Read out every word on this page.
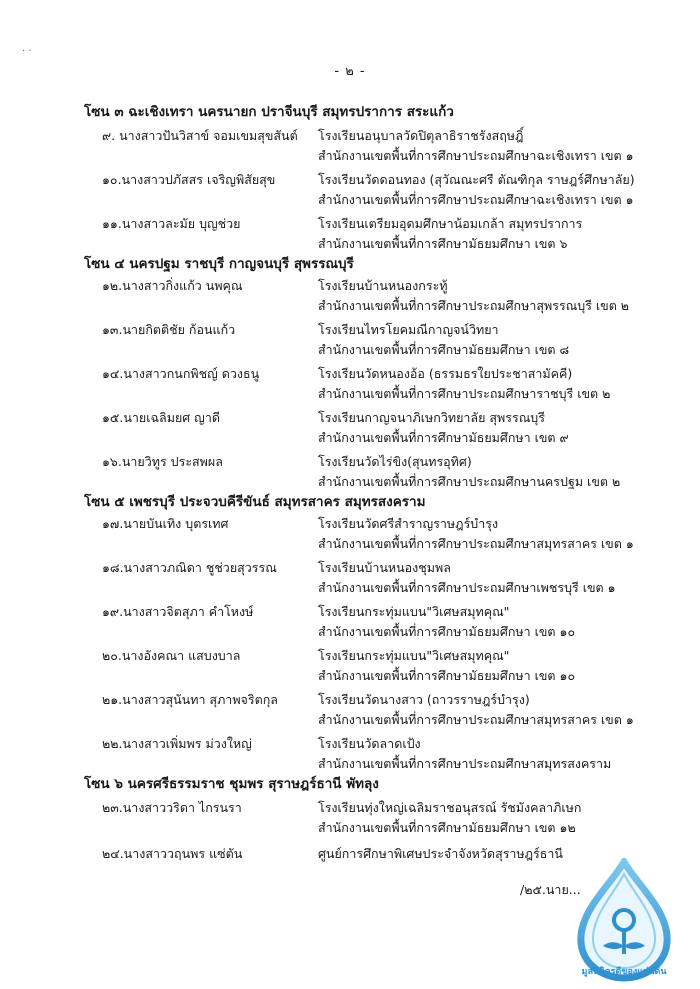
· ·
- ๒ -
โซน ๓ ฉะเชิงเทรา นครนายก ปราจีนบุรี สมุทรปราการ สระแก้ว
๙. นางสาวปันวิสาข์ จอมเขมสุขสันต์ โรงเรียนอนุบาลวัดปิตุลาธิราชรังสฤษฎิ์
สำนักงานเขตพื้นที่การศึกษาประถมศึกษาฉะเชิงเทรา เขต ๑
๑๐.นางสาวปภัสสร เจริญพิสัยสุข	โรงเรียนวัดดอนทอง (สุวัณณะศรี ตัณฑิกุล ราษฎร์ศึกษาลัย)
สำนักงานเขตพื้นที่การศึกษาประถมศึกษาฉะเชิงเทรา เขต ๑
๑๑.นางสาวละมัย บุญช่วย	โรงเรียนเตรียมอุดมศึกษาน้อมเกล้า สมุทรปราการ
สำนักงานเขตพื้นที่การศึกษามัธยมศึกษา เขต ๖
โซน ๔ นครปฐม ราชบุรี กาญจนบุรี สุพรรณบุรี
๑๒.นางสาวกิ่งแก้ว นพคุณ	โรงเรียนบ้านหนองกระทู้
สำนักงานเขตพื้นที่การศึกษาประถมศึกษาสุพรรณบุรี เขต ๒
๑๓.นายกิตติชัย ก้อนแก้ว	โรงเรียนไทรโยคมณีกาญจน์วิทยา
สำนักงานเขตพื้นที่การศึกษามัธยมศึกษา เขต ๘
๑๔.นางสาวกนกพิชญ์ ดวงธนู	โรงเรียนวัดหนองอ้อ (ธรรมธรใยประชาสามัคคี)
สำนักงานเขตพื้นที่การศึกษาประถมศึกษาราชบุรี เขต ๒
๑๕.นายเฉลิมยศ ญาดี	โรงเรียนกาญจนาภิเษกวิทยาลัย สุพรรณบุรี
สำนักงานเขตพื้นที่การศึกษามัธยมศึกษา เขต ๙
๑๖.นายวิทูร ประสพผล	โรงเรียนวัดไร่ขิง(สุนทรอุทิศ)
สำนักงานเขตพื้นที่การศึกษาประถมศึกษานครปฐม เขต ๒
โซน ๕ เพชรบุรี ประจวบคีรีขันธ์ สมุทรสาคร สมุทรสงคราม
๑๗.นายบันเทิง บุตรเทศ	โรงเรียนวัดศรีสำราญราษฎร์บำรุง
สำนักงานเขตพื้นที่การศึกษาประถมศึกษาสมุทรสาคร เขต ๑
๑๘.นางสาวภณิดา ชูช่วยสุวรรณ	โรงเรียนบ้านหนองชุมพล
สำนักงานเขตพื้นที่การศึกษาประถมศึกษาเพชรบุรี เขต ๑
๑๙.นางสาวจิตสุภา คำโหงษ์	โรงเรียนกระทุ่มแบน"วิเศษสมุทคุณ"
สำนักงานเขตพื้นที่การศึกษามัธยมศึกษา เขต ๑๐
๒๐.นางอังคณา แสบงบาล	โรงเรียนกระทุ่มแบน"วิเศษสมุทคุณ"
สำนักงานเขตพื้นที่การศึกษามัธยมศึกษา เขต ๑๐
๒๑.นางสาวสุนันทา สุภาพจริตกุล	โรงเรียนวัดนางสาว (ถาวรราษฎร์บำรุง)
สำนักงานเขตพื้นที่การศึกษาประถมศึกษาสมุทรสาคร เขต ๑
๒๒.นางสาวเพิ่มพร ม่วงใหญ่	โรงเรียนวัดลาดเป้ง
สำนักงานเขตพื้นที่การศึกษาประถมศึกษาสมุทรสงคราม
โซน ๖ นครศรีธรรมราช ชุมพร สุราษฎร์ธานี พัทลุง
๒๓.นางสาววริดา ไกรนรา	โรงเรียนทุ่งใหญ่เฉลิมราชอนุสรณ์ รัชมังคลาภิเษก
สำนักงานเขตพื้นที่การศึกษามัธยมศึกษา เขต ๑๒
๒๔.นางสาววฤนพร แซ่ตัน	ศูนย์การศึกษาพิเศษประจำจังหวัดสุราษฎร์ธานี
/๒๕.นาย...
มูลนิธิครูดีของแผ่นดิน
